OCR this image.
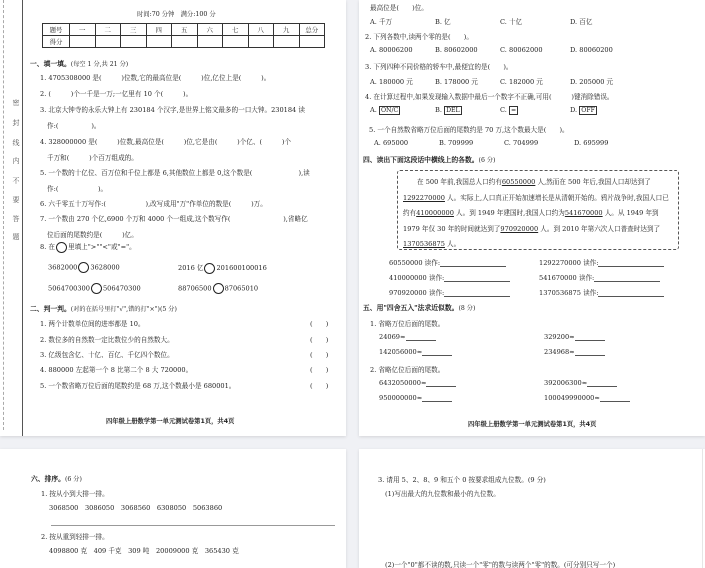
密
封
线
内
不
要
答
题
时间:70 分钟　满分:100 分
题号	一	二	三	四	五	六	七	八	九	总分
得分										
一、填一填。(每空 1 分,共 21 分)
1. 4705308000 是(　　　)位数,它的最高位是(　　　)位,亿位上是(　　　)。
2. (　　　)个一千是一万;一亿里有 10 个(　　　)。
3. 北京大钟寺的永乐大钟上有 230184 个汉字,是世界上铭文最多的一口大钟。230184 读
作:(　　　　　)。
4. 328000000 是(　　　)位数,最高位是(　　　)位,它是由(　　　)个亿、(　　　)个
千万和(　　　)个百万组成的。
5. 一个数的十亿位、百万位和千位上都是 6,其他数位上都是 0,这个数是(　　　　　　　),读
作:(　　　　　　)。
6. 六千零五十万写作:(　　　　　　),改写成用"万"作单位的数是(　　　)万。
7. 一个数由 270 个亿,6900 个万和 4000 个一组成,这个数写作(　　　　　　　　),省略亿
位后面的尾数约是(　　　)亿。
8. 在 里填上">""<"或"="。
3682000 3628000	2016 亿 201600100016
5064700300 506470300	88706500 87065010
二、判一判。(对的在括号里打"√",错的打"×")(5 分)
1. 两个计数单位间的进率都是 10。	(　　)
2. 数位多的自然数一定比数位少的自然数大。	(　　)
3. 亿级包含亿、十亿、百亿、千亿四个数位。	(　　)
4. 880000 左起第一个 8 比第二个 8 大 720000。	(　　)
5. 一个数省略万位后面的尾数约是 68 万,这个数最小是 680001。	(　　)
四年级上册数学第一单元测试卷第1页，共4页
最高位是(　　)位。
A. 千万	B. 亿	C. 十亿	D. 百亿
2. 下列各数中,读两个零的是(　　)。
A. 80006200	B. 80602000	C. 80062000	D. 80060200
3. 下列四种不同价格的轿车中,最便宜的是(　　)。
A. 180000 元	B. 178000 元	C. 182000 元	D. 205000 元
4. 在计算过程中,如果发现输入数据中最后一个数字不正确,可用(　　　)键消除错误。
A. ON/C	B. DEL	C. =	D. OFF
5. 一个自然数省略万位后面的尾数约是 70 万,这个数最大是(　　)。
A. 695000	B. 709999	C. 704999	D. 695999
四、读出下面这段话中横线上的各数。(6 分)
在 500 年前,我国总人口约有60550000 人,然而在 500 年后,我国人口却达到了1292270000 人。实际上,人口真正开始加速增长是从清朝开始的。鸦片战争时,我国人口已约有410000000 人。到 1949 年建国时,我国人口约为541670000 人。从 1949 年到 1979 年仅 30 年的时间就达到了970920000 人。到 2010 年第六次人口普查时达到了1370536875 人。
60550000 读作:	1292270000 读作:
410000000 读作:	541670000 读作:
970920000 读作:	1370536875 读作:
五、用"四舍五入"法求近似数。(8 分)
1. 省略万位后面的尾数。
24069≈	329200≈
142056000≈	234968≈
2. 省略亿位后面的尾数。
6432050000≈	392006300≈
950000000≈	100049990000≈
四年级上册数学第一单元测试卷第1页，共4页
六、排序。(6 分)
1. 按从小到大排一排。
3068500　3086050　3068560　6308050　5063860
2. 按从重到轻排一排。
4098800 克　409 千克　309 吨　20009000 克　365430 克
3. 请用 5、2、8、9 和五个 0 按要求组成九位数。(9 分)
(1)写出最大的九位数和最小的九位数。
(2)一个"0"都不读的数,只读一个"零"的数与读两个"零"的数。(可分别只写一个)
